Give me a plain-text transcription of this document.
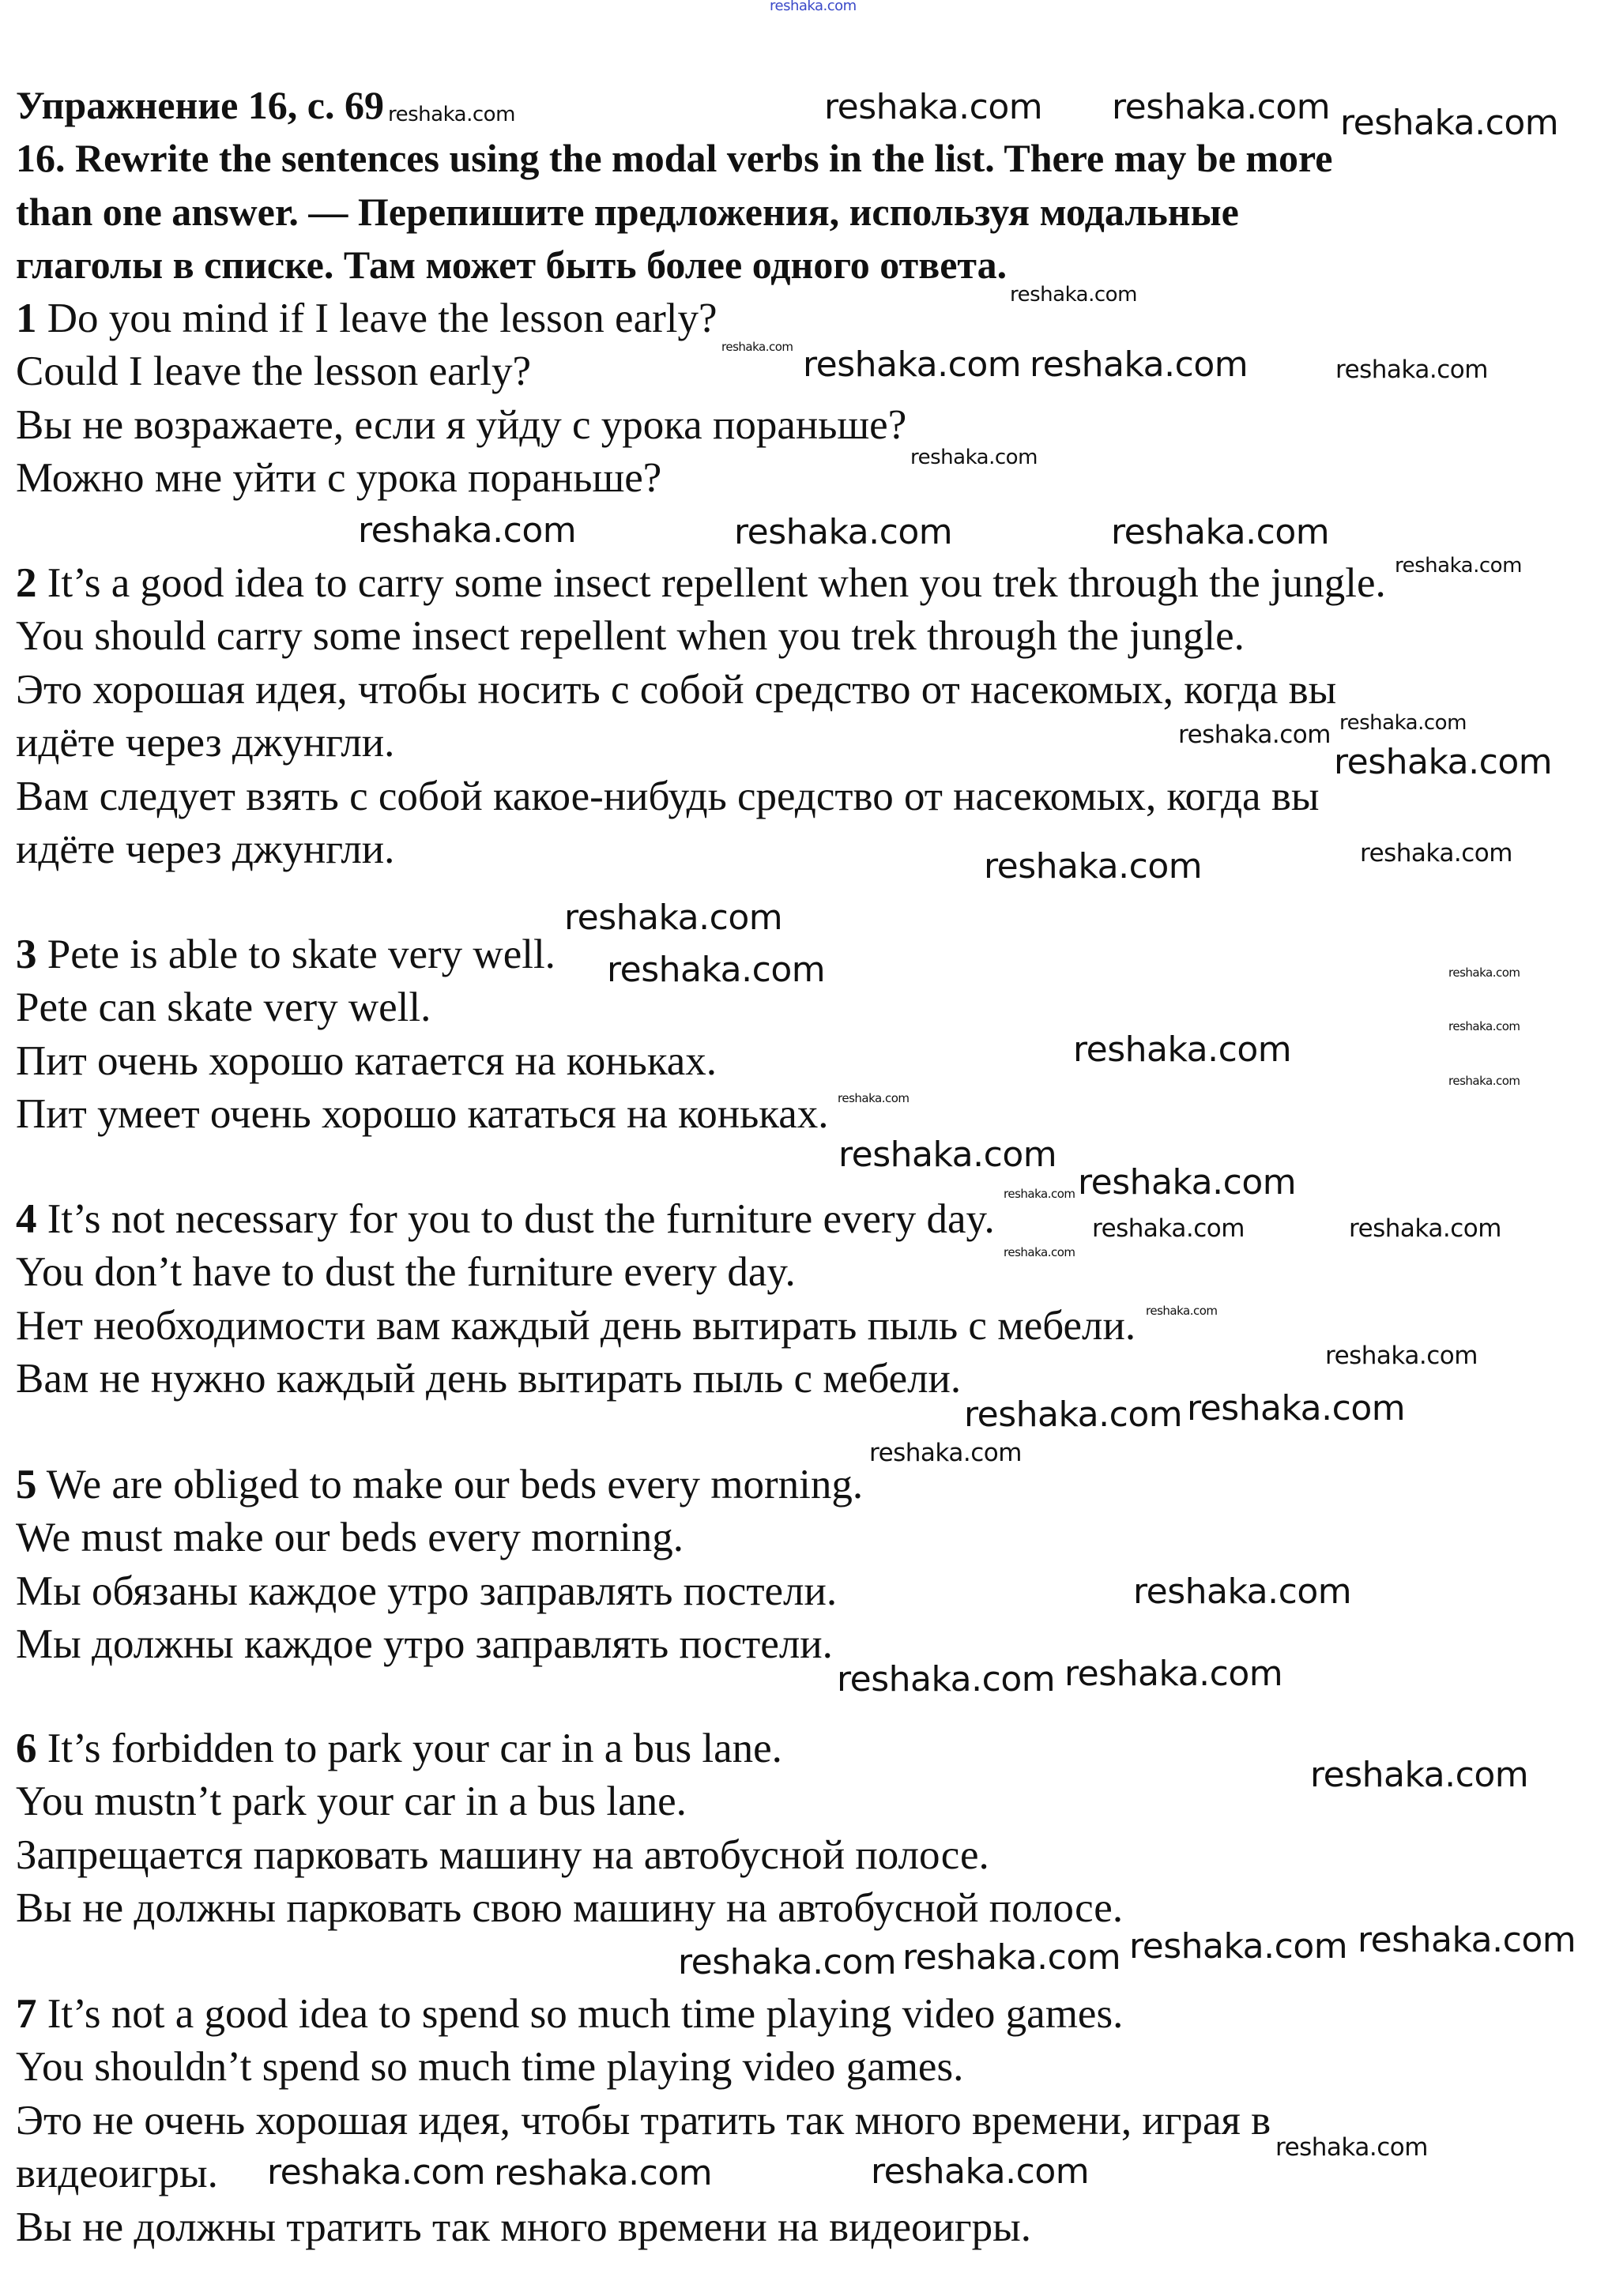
Упражнение 16, с. 69
16. Rewrite the sentences using the modal verbs in the list. There may be more
than one answer. — Перепишите предложения, используя модальные
глаголы в списке. Там может быть более одного ответа.
1 Do you mind if I leave the lesson early?
Could I leave the lesson early?
Вы не возражаете, если я уйду с урока пораньше?
Можно мне уйти с урока пораньше?
2 It’s a good idea to carry some insect repellent when you trek through the jungle.
You should carry some insect repellent when you trek through the jungle.
Это хорошая идея, чтобы носить с собой средство от насекомых, когда вы
идёте через джунгли.
Вам следует взять с собой какое-нибудь средство от насекомых, когда вы
идёте через джунгли.
3 Pete is able to skate very well.
Pete can skate very well.
Пит очень хорошо катается на коньках.
Пит умеет очень хорошо кататься на коньках.
4 It’s not necessary for you to dust the furniture every day.
You don’t have to dust the furniture every day.
Нет необходимости вам каждый день вытирать пыль с мебели.
Вам не нужно каждый день вытирать пыль с мебели.
5 We are obliged to make our beds every morning.
We must make our beds every morning.
Мы обязаны каждое утро заправлять постели.
Мы должны каждое утро заправлять постели.
6 It’s forbidden to park your car in a bus lane.
You mustn’t park your car in a bus lane.
Запрещается парковать машину на автобусной полосе.
Вы не должны парковать свою машину на автобусной полосе.
7 It’s not a good idea to spend so much time playing video games.
You shouldn’t spend so much time playing video games.
Это не очень хорошая идея, чтобы тратить так много времени, играя в
видеоигры.
Вы не должны тратить так много времени на видеоигры.
reshaka.com
reshaka.com
reshaka.com reshaka.com
reshaka.com
reshaka.com
reshaka.com reshaka.com reshaka.com	reshaka.com
reshaka.com
reshaka.com	reshaka.com	reshaka.com
reshaka.com
reshaka.com
reshaka.com
reshaka.com
reshaka.com	reshaka.com
reshaka.com
reshaka.com	reshaka.com
reshaka.com
reshaka.com
reshaka.com
reshaka.com
reshaka.com
reshaka.com reshaka.com
reshaka.com	reshaka.com
reshaka.com
reshaka.com
reshaka.com
reshaka.com reshaka.com
reshaka.com
reshaka.com
reshaka.com reshaka.com
reshaka.com
reshaka.com reshaka.com
reshaka.com
reshaka.com
reshaka.com
reshaka.com	reshaka.com
reshaka.com
